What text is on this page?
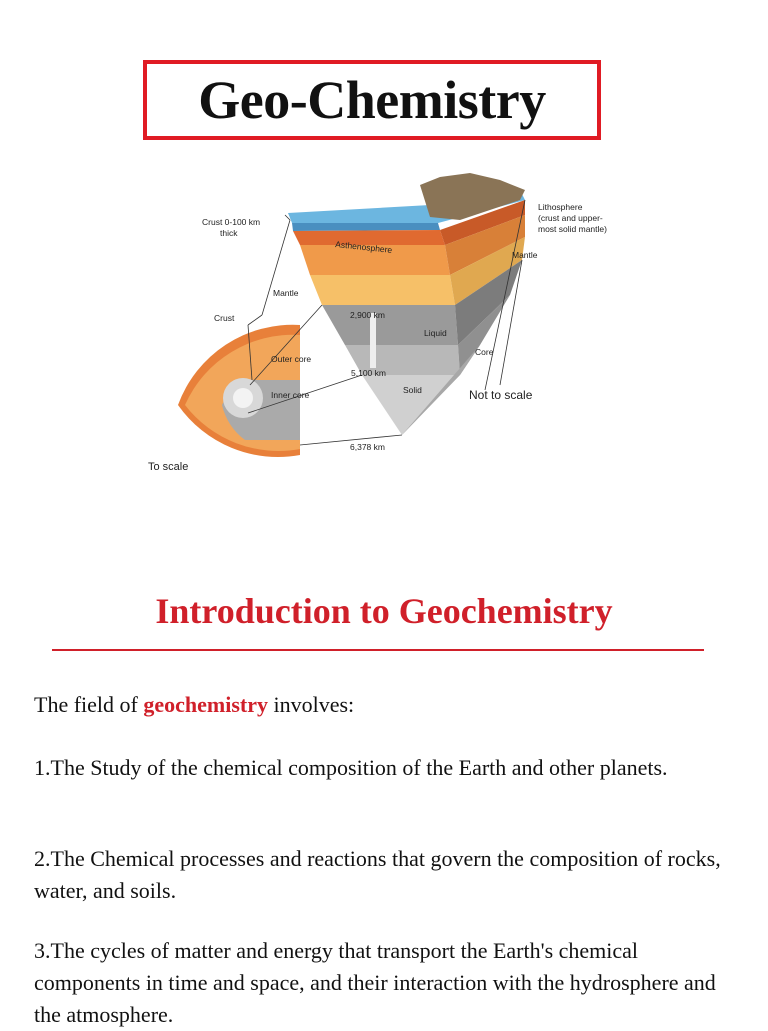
Geo-Chemistry
Crust 0-100 km
thick
Lithosphere
(crust and upper-
most solid mantle)
Asthenosphere
Mantle
Mantle
Crust	2,900 km
Liquid
Core
Outer core
5,100 km
Inner core	Solid	Not to scale
6,378 km
To scale
Introduction to Geochemistry

The field of geochemistry involves:

1.The Study of the chemical composition of the Earth and other planets.

2.The Chemical processes and reactions that govern the composition of rocks, water, and soils.

3.The cycles of matter and energy that transport the Earth's chemical components in time and space, and their interaction with the hydrosphere and the atmosphere.
